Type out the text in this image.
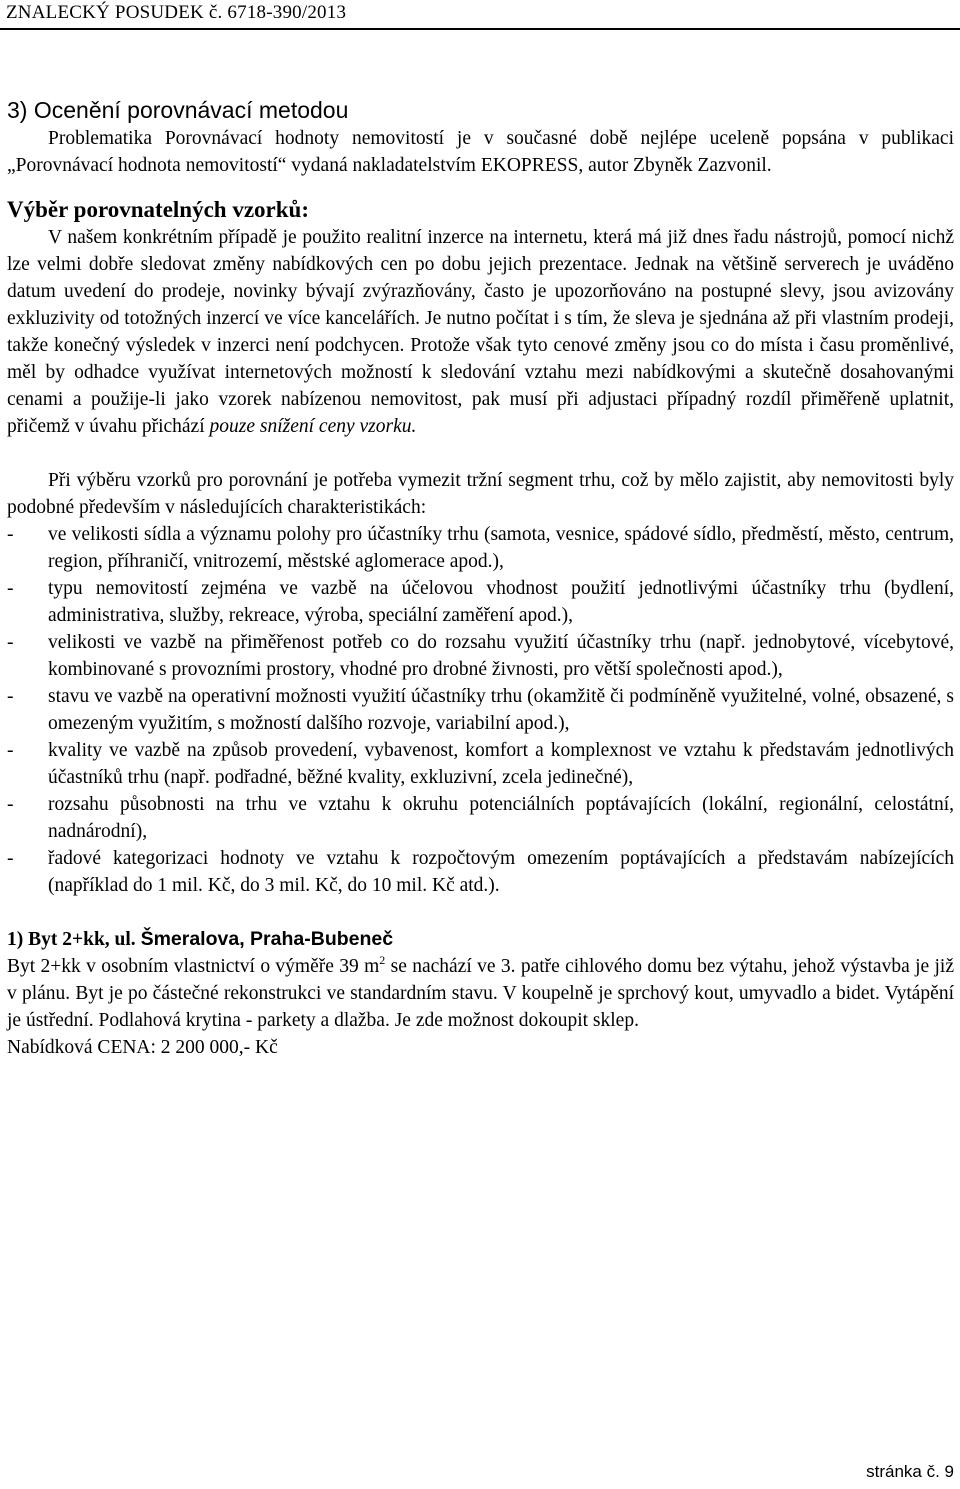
ZNALECKÝ POSUDEK č. 6718-390/2013

3) Ocenění porovnávací metodou

Problematika Porovnávací hodnoty nemovitostí je v současné době nejlépe uceleně popsána v publikaci „Porovnávací hodnota nemovitostí“ vydaná nakladatelstvím EKOPRESS, autor Zbyněk Zazvonil.

Výběr porovnatelných vzorků:

V našem konkrétním případě je použito realitní inzerce na internetu, která má již dnes řadu nástrojů, pomocí nichž lze velmi dobře sledovat změny nabídkových cen po dobu jejich prezentace. Jednak na většině serverech je uváděno datum uvedení do prodeje, novinky bývají zvýrazňovány, často je upozorňováno na postupné slevy, jsou avizovány exkluzivity od totožných inzercí ve více kancelářích. Je nutno počítat i s tím, že sleva je sjednána až při vlastním prodeji, takže konečný výsledek v inzerci není podchycen. Protože však tyto cenové změny jsou co do místa i času proměnlivé, měl by odhadce využívat internetových možností k sledování vztahu mezi nabídkovými a skutečně dosahovanými cenami a použije-li jako vzorek nabízenou nemovitost, pak musí při adjustaci případný rozdíl přiměřeně uplatnit, přičemž v úvahu přichází pouze snížení ceny vzorku.

Při výběru vzorků pro porovnání je potřeba vymezit tržní segment trhu, což by mělo zajistit, aby nemovitosti byly podobné především v následujících charakteristikách:

- ve velikosti sídla a významu polohy pro účastníky trhu (samota, vesnice, spádové sídlo, předměstí, město, centrum, region, příhraničí, vnitrozemí, městské aglomerace apod.),
- typu nemovitostí zejména ve vazbě na účelovou vhodnost použití jednotlivými účastníky trhu (bydlení, administrativa, služby, rekreace, výroba, speciální zaměření apod.),
- velikosti ve vazbě na přiměřenost potřeb co do rozsahu využití účastníky trhu (např. jednobytové, vícebytové, kombinované s provozními prostory, vhodné pro drobné živnosti, pro větší společnosti apod.),
- stavu ve vazbě na operativní možnosti využití účastníky trhu (okamžitě či podmíněně využitelné, volné, obsazené, s omezeným využitím, s možností dalšího rozvoje, variabilní apod.),
- kvality ve vazbě na způsob provedení, vybavenost, komfort a komplexnost ve vztahu k představám jednotlivých účastníků trhu (např. podřadné, běžné kvality, exkluzivní, zcela jedinečné),
- rozsahu působnosti na trhu ve vztahu k okruhu potenciálních poptávajících (lokální, regionální, celostátní, nadnárodní),
- řadové kategorizaci hodnoty ve vztahu k rozpočtovým omezením poptávajících a představám nabízejících (například do 1 mil. Kč, do 3 mil. Kč, do 10 mil. Kč atd.).

1) Byt 2+kk, ul. Šmeralova, Praha-Bubeneč

Byt 2+kk v osobním vlastnictví o výměře 39 $m^2$ se nachází ve 3. patře cihlového domu bez výtahu, jehož výstavba je již v plánu. Byt je po částečné rekonstrukci ve standardním stavu. V koupelně je sprchový kout, umyvadlo a bidet. Vytápění je ústřední. Podlahová krytina - parkety a dlažba. Je zde možnost dokoupit sklep.

Nabídková CENA: 2 200 000,- Kč

stránka č. 9
